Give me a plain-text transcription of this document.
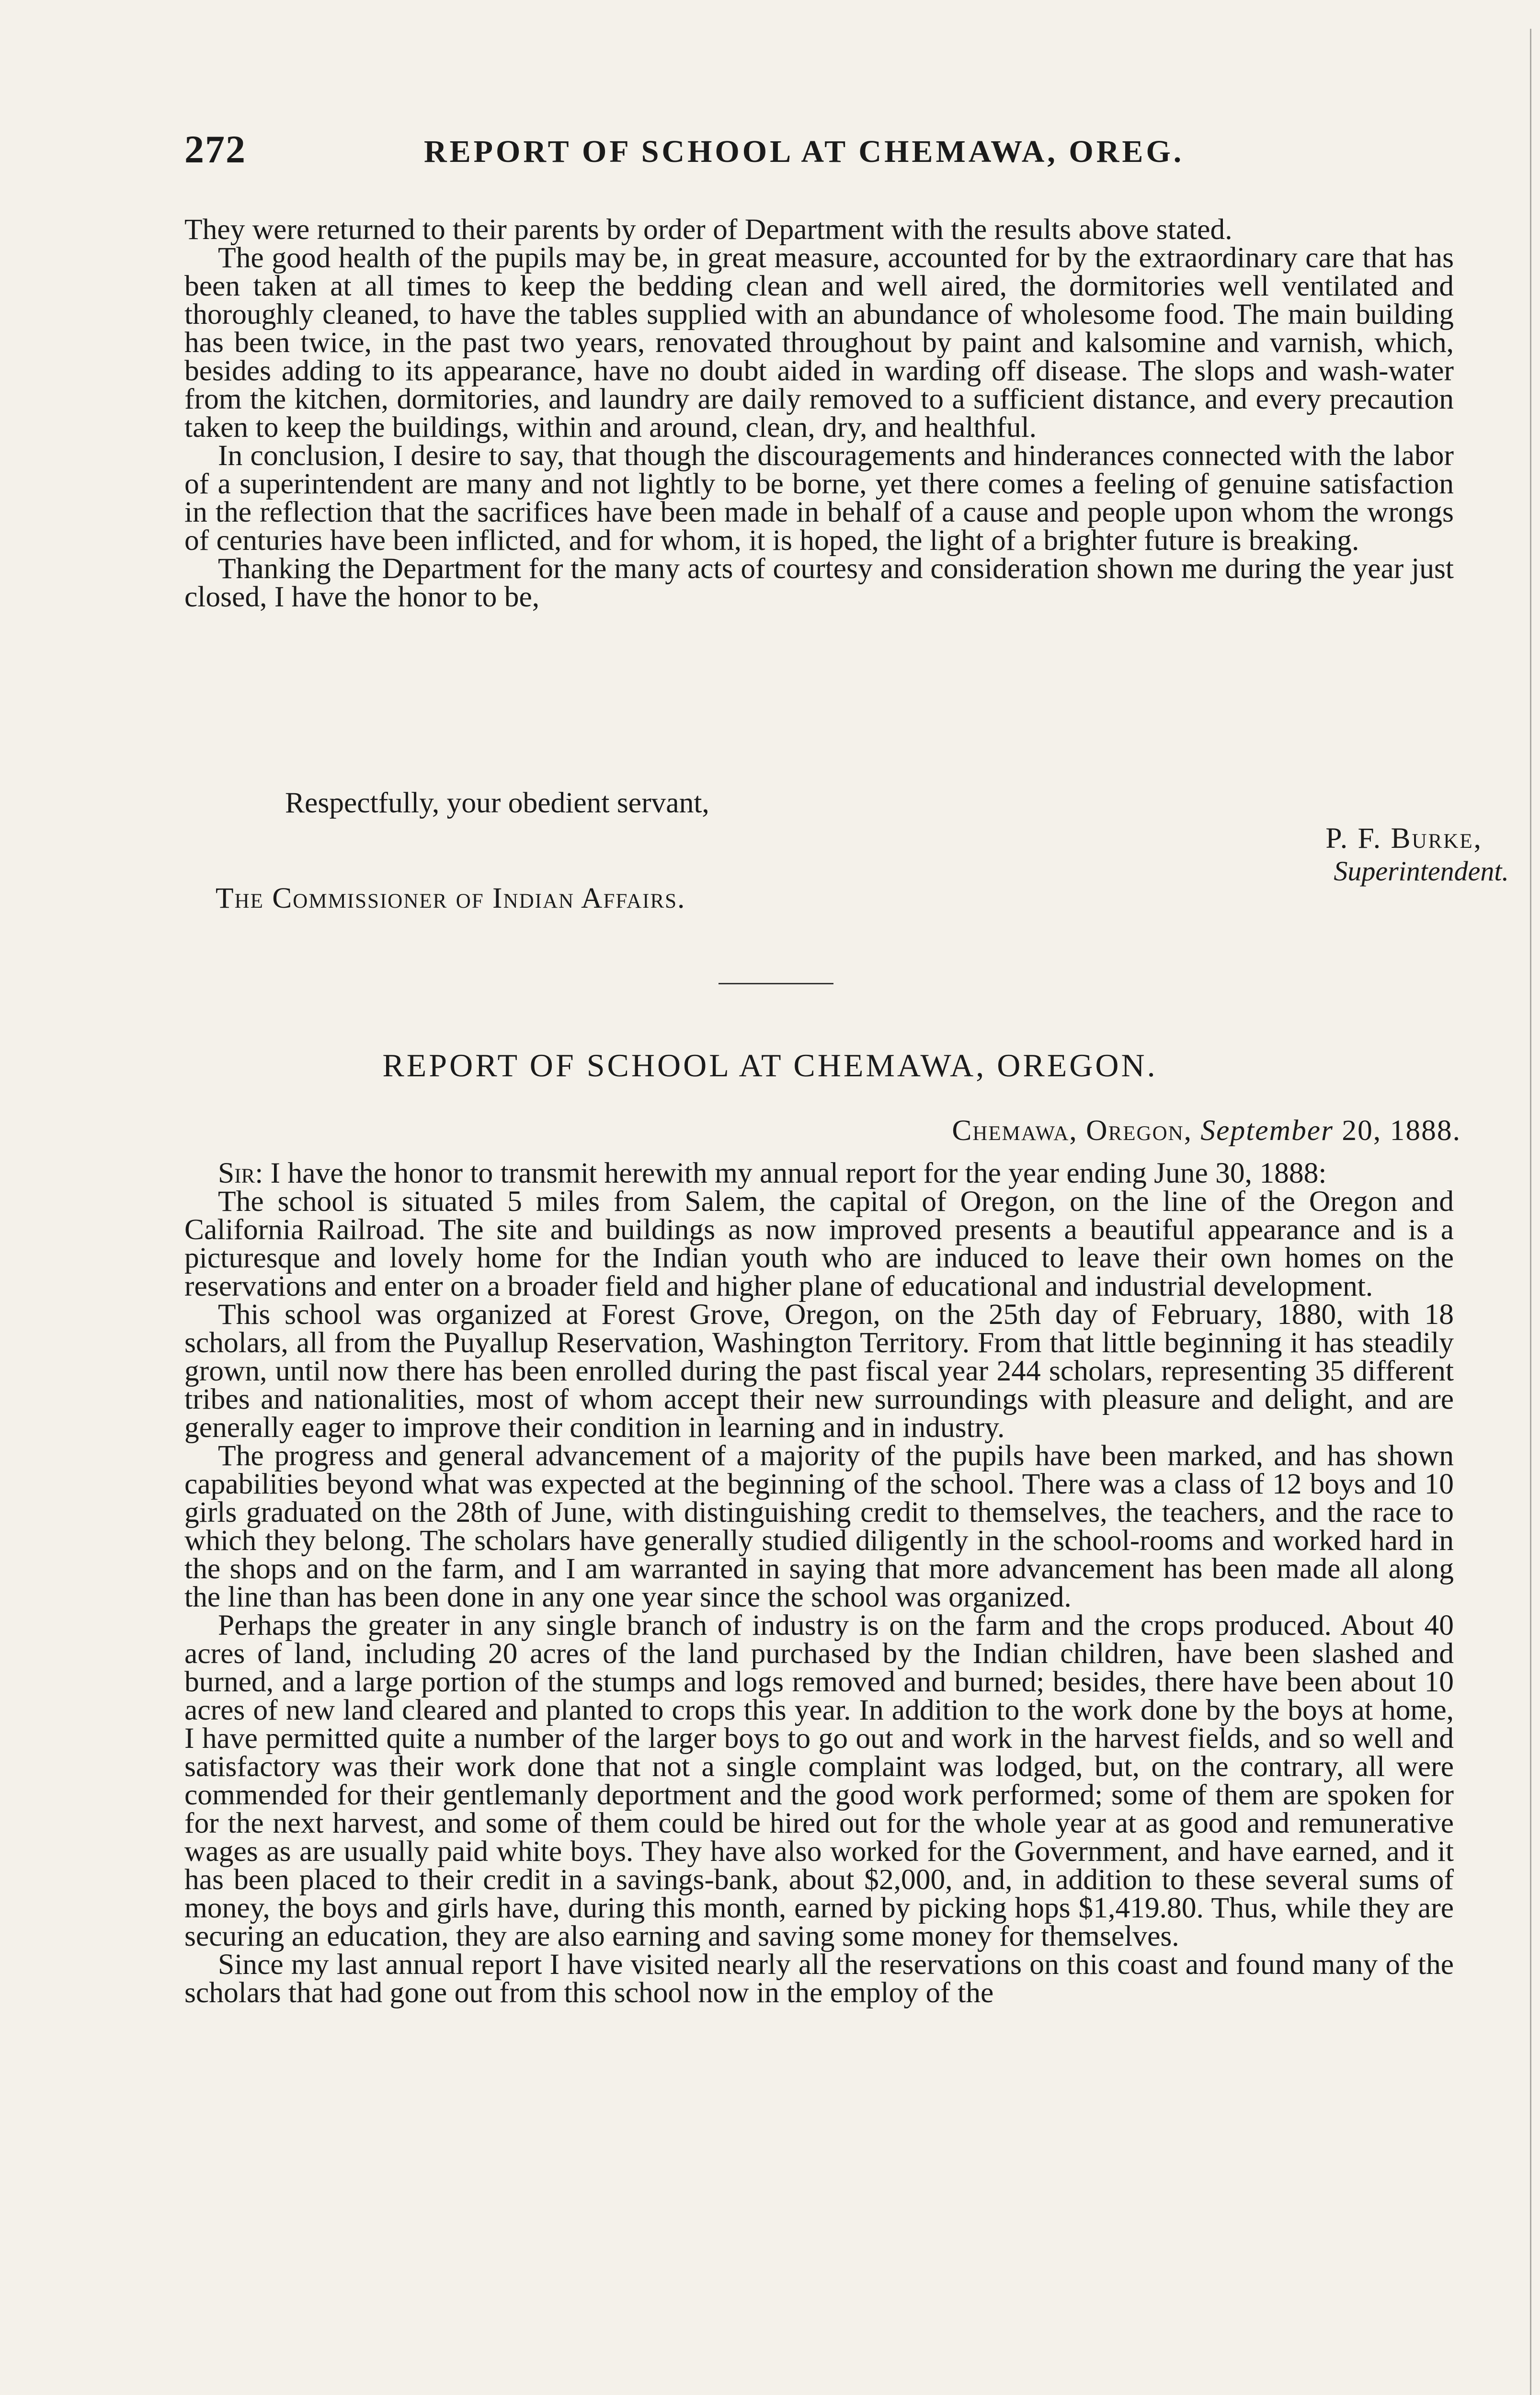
272	REPORT OF SCHOOL AT CHEMAWA, OREG.

They were returned to their parents by order of Department with the results above stated.

The good health of the pupils may be, in great measure, accounted for by the extraordinary care that has been taken at all times to keep the bedding clean and well aired, the dormitories well ventilated and thoroughly cleaned, to have the tables supplied with an abundance of wholesome food. The main building has been twice, in the past two years, renovated throughout by paint and kalsomine and varnish, which, besides adding to its appearance, have no doubt aided in warding off disease. The slops and wash-water from the kitchen, dormitories, and laundry are daily removed to a sufficient distance, and every precaution taken to keep the buildings, within and around, clean, dry, and healthful.

In conclusion, I desire to say, that though the discouragements and hinderances connected with the labor of a superintendent are many and not lightly to be borne, yet there comes a feeling of genuine satisfaction in the reflection that the sacrifices have been made in behalf of a cause and people upon whom the wrongs of centuries have been inflicted, and for whom, it is hoped, the light of a brighter future is breaking.

Thanking the Department for the many acts of courtesy and consideration shown me during the year just closed, I have the honor to be,

Respectfully, your obedient servant,
P. F. Burke,
Superintendent.
The Commissioner of Indian Affairs.
REPORT OF SCHOOL AT CHEMAWA, OREGON.
Chemawa, Oregon, September 20, 1888.

Sir: I have the honor to transmit herewith my annual report for the year ending June 30, 1888:

The school is situated 5 miles from Salem, the capital of Oregon, on the line of the Oregon and California Railroad. The site and buildings as now improved presents a beautiful appearance and is a picturesque and lovely home for the Indian youth who are induced to leave their own homes on the reservations and enter on a broader field and higher plane of educational and industrial development.

This school was organized at Forest Grove, Oregon, on the 25th day of February, 1880, with 18 scholars, all from the Puyallup Reservation, Washington Territory. From that little beginning it has steadily grown, until now there has been enrolled during the past fiscal year 244 scholars, representing 35 different tribes and nationalities, most of whom accept their new surroundings with pleasure and delight, and are generally eager to improve their condition in learning and in industry.

The progress and general advancement of a majority of the pupils have been marked, and has shown capabilities beyond what was expected at the beginning of the school. There was a class of 12 boys and 10 girls graduated on the 28th of June, with distinguishing credit to themselves, the teachers, and the race to which they belong. The scholars have generally studied diligently in the school-rooms and worked hard in the shops and on the farm, and I am warranted in saying that more advancement has been made all along the line than has been done in any one year since the school was organized.

Perhaps the greater in any single branch of industry is on the farm and the crops produced. About 40 acres of land, including 20 acres of the land purchased by the Indian children, have been slashed and burned, and a large portion of the stumps and logs removed and burned; besides, there have been about 10 acres of new land cleared and planted to crops this year. In addition to the work done by the boys at home, I have permitted quite a number of the larger boys to go out and work in the harvest fields, and so well and satisfactory was their work done that not a single complaint was lodged, but, on the contrary, all were commended for their gentlemanly deportment and the good work performed; some of them are spoken for for the next harvest, and some of them could be hired out for the whole year at as good and remunerative wages as are usually paid white boys. They have also worked for the Government, and have earned, and it has been placed to their credit in a savings-bank, about $2,000, and, in addition to these several sums of money, the boys and girls have, during this month, earned by picking hops $1,419.80. Thus, while they are securing an education, they are also earning and saving some money for themselves.

Since my last annual report I have visited nearly all the reservations on this coast and found many of the scholars that had gone out from this school now in the employ of the
